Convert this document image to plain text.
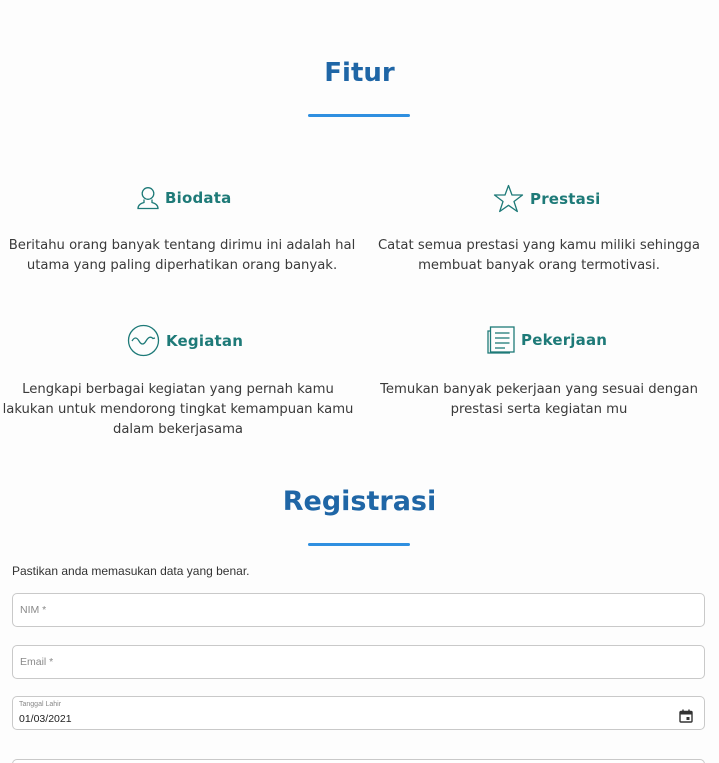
Fitur
Biodata
Beritahu orang banyak tentang dirimu ini adalah hal
utama yang paling diperhatikan orang banyak.
Prestasi
Catat semua prestasi yang kamu miliki sehingga
membuat banyak orang termotivasi.
Kegiatan
Lengkapi berbagai kegiatan yang pernah kamu
lakukan untuk mendorong tingkat kemampuan kamu
dalam bekerjasama
Pekerjaan
Temukan banyak pekerjaan yang sesuai dengan
prestasi serta kegiatan mu
Registrasi
Pastikan anda memasukan data yang benar.
NIM *
Email *
Tanggal Lahir
01/03/2021
